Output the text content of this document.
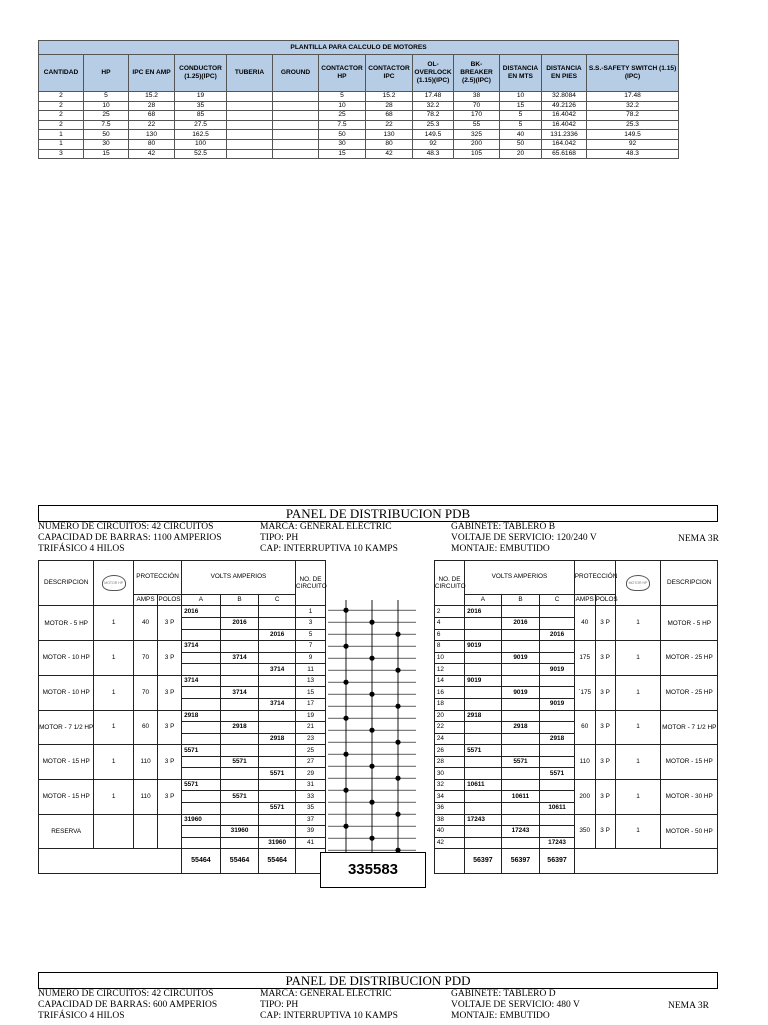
PLANTILLA PARA CALCULO DE MOTORES												
CANTIDAD	HP	IPC EN AMP	CONDUCTOR (1.25)(IPC)	TUBERIA	GROUND	CONTACTOR HP	CONTACTOR IPC	OL-OVERLOCK (1.15)(IPC)	BK-BREAKER (2.5)(IPC)	DISTANCIA EN MTS	DISTANCIA EN PIES	S.S.-SAFETY SWITCH (1.15)(IPC)
2	5	15.2	19			5	15.2	17.48	38	10	32.8084	17.48
2	10	28	35			10	28	32.2	70	15	49.2126	32.2
2	25	68	85			25	68	78.2	170	5	16.4042	78.2
2	7.5	22	27.5			7.5	22	25.3	55	5	16.4042	25.3
1	50	130	162.5			50	130	149.5	325	40	131.2336	149.5
1	30	80	100			30	80	92	200	50	164.042	92
3	15	42	52.5			15	42	48.3	105	20	65.6168	48.3
PANEL DE DISTRIBUCION PDB
NUMERO DE CIRCUITOS: 42 CIRCUITOS
CAPACIDAD DE BARRAS: 1100 AMPERIOS
TRIFÁSICO 4 HILOS
MARCA: GENERAL ELECTRIC
TIPO: PH
CAP: INTERRUPTIVA 10 KAMPS
GABINETE: TABLERO B
VOLTAJE DE SERVICIO: 120/240 V
MONTAJE: EMBUTIDO
NEMA 3R
DESCRIPCION	MOTOR HP	PROTECCIÓN		VOLTS AMPERIOS			NO. DE CIRCUITO		NO. DE CIRCUITO	VOLTS AMPERIOS			PROTECCIÓN		MOTOR HP	DESCRIPCION
		AMPS	POLOS	A	B	C				A	B	C	AMPS	POLOS		
MOTOR - 5 HP	1	40	3 P	2016			1		2	2016			40	3 P	1	MOTOR - 5 HP
					2016		3		4		2016					
						2016	5		6			2016				
MOTOR - 10 HP	1	70	3 P	3714			7		8	9019			175	3 P	1	MOTOR - 25 HP
					3714		9		10		9019					
						3714	11		12			9019				
MOTOR - 10 HP	1	70	3 P	3714			13		14	9019			`175	3 P	1	MOTOR - 25 HP
					3714		15		16		9019					
						3714	17		18			9019				
MOTOR - 7 1/2 HP	1	60	3 P	2918			19		20	2918			60	3 P	1	MOTOR - 7 1/2 HP
					2918		21		22		2918					
						2918	23		24			2918				
MOTOR - 15 HP	1	110	3 P	5571			25		26	5571			110	3 P	1	MOTOR - 15 HP
					5571		27		28		5571					
						5571	29		30			5571				
MOTOR - 15 HP	1	110	3 P	5571			31		32	10611			200	3 P	1	MOTOR - 30 HP
					5571		33		34		10611					
						5571	35		36			10611				
RESERVA				31960			37		38	17243			350	3 P	1	MOTOR - 50 HP
					31960		39		40		17243					
						31960	41		42			17243				
				55464	55464	55464				56397	56397	56397				
335583
PANEL DE DISTRIBUCION PDD
NUMERO DE CIRCUITOS: 42 CIRCUITOS
CAPACIDAD DE BARRAS: 600 AMPERIOS
TRIFÁSICO 4 HILOS
MARCA: GENERAL ELECTRIC
TIPO: PH
CAP: INTERRUPTIVA 10 KAMPS
GABINETE: TABLERO D
VOLTAJE DE SERVICIO: 480 V
MONTAJE: EMBUTIDO
NEMA 3R
